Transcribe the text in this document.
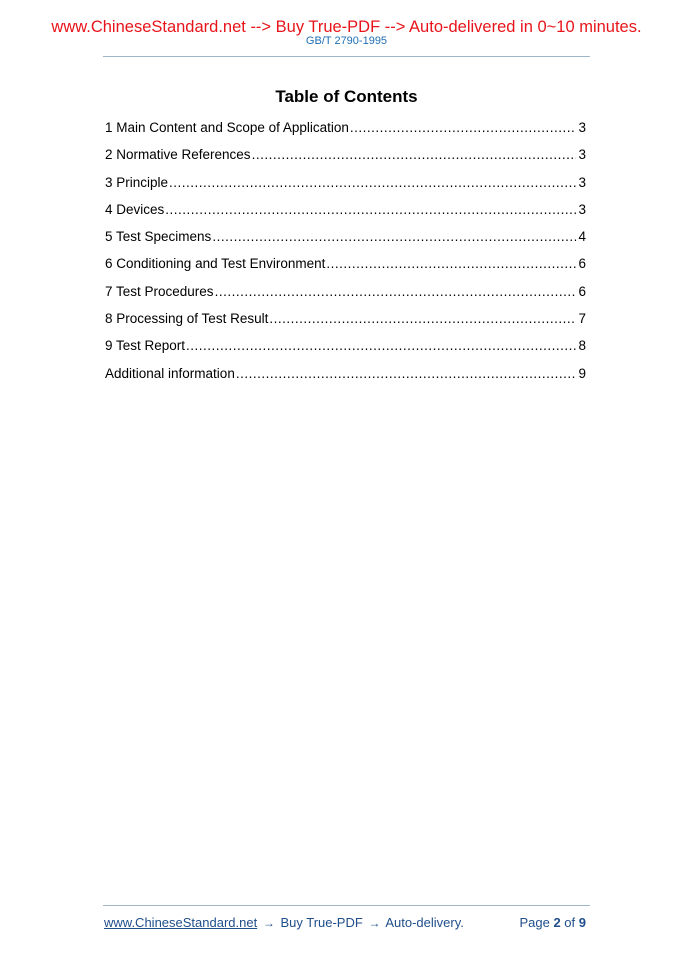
www.ChineseStandard.net --> Buy True-PDF --> Auto-delivered in 0~10 minutes.
GB/T 2790-1995
Table of Contents
1 Main Content and Scope of Application .....	3
2 Normative References .....	3
3 Principle .....	3
4 Devices .....	3
5 Test Specimens .....	4
6 Conditioning and Test Environment .....	6
7 Test Procedures .....	6
8 Processing of Test Result .....	7
9 Test Report .....	8
Additional information .....	9
www.ChineseStandard.net → Buy True-PDF → Auto-delivery.	Page 2 of 9
